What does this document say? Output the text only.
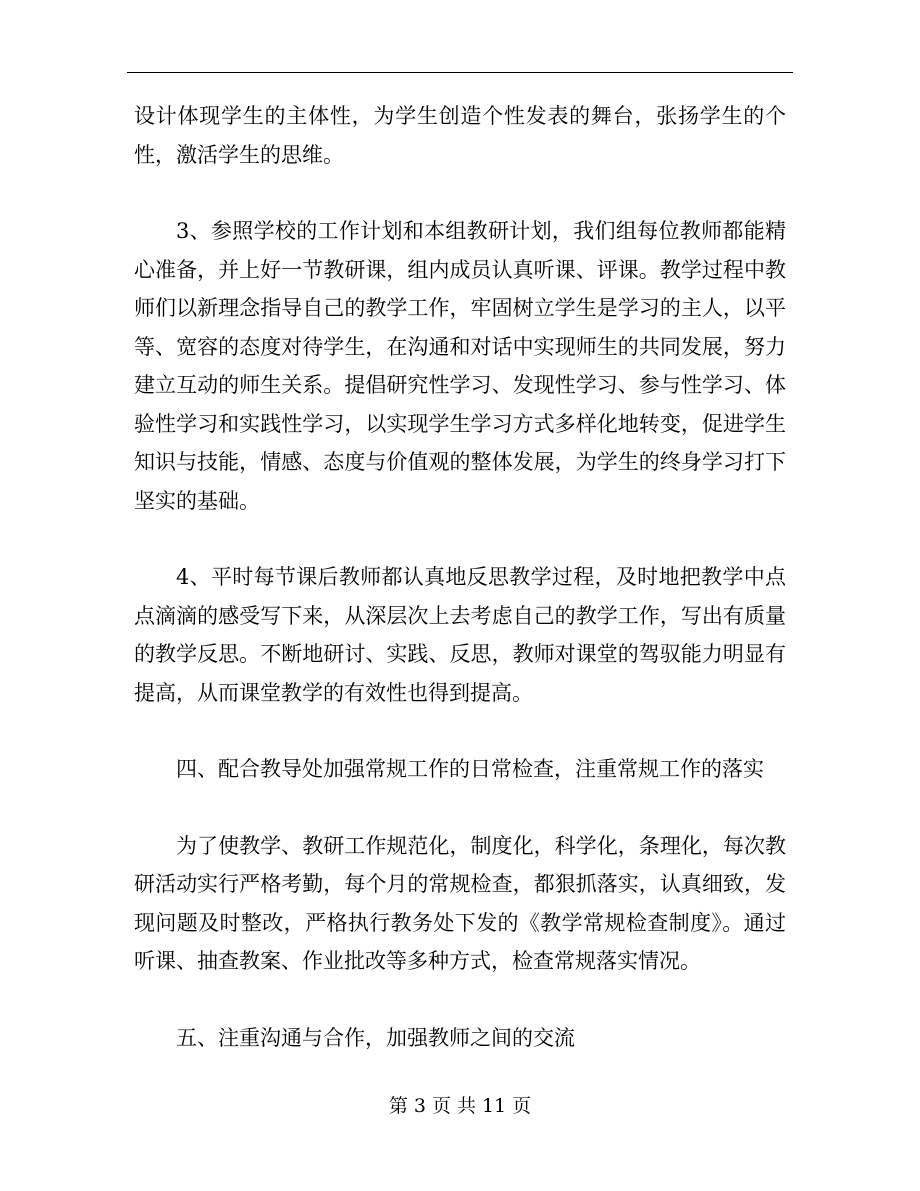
设计体现学生的主体性，为学生创造个性发表的舞台，张扬学生的个性，激活学生的思维。

3、参照学校的工作计划和本组教研计划，我们组每位教师都能精心准备，并上好一节教研课，组内成员认真听课、评课。教学过程中教师们以新理念指导自己的教学工作，牢固树立学生是学习的主人，以平等、宽容的态度对待学生，在沟通和对话中实现师生的共同发展，努力建立互动的师生关系。提倡研究性学习、发现性学习、参与性学习、体验性学习和实践性学习，以实现学生学习方式多样化地转变，促进学生知识与技能，情感、态度与价值观的整体发展，为学生的终身学习打下坚实的基础。

4、平时每节课后教师都认真地反思教学过程，及时地把教学中点点滴滴的感受写下来，从深层次上去考虑自己的教学工作，写出有质量的教学反思。不断地研讨、实践、反思，教师对课堂的驾驭能力明显有提高，从而课堂教学的有效性也得到提高。

四、配合教导处加强常规工作的日常检查，注重常规工作的落实

为了使教学、教研工作规范化，制度化，科学化，条理化，每次教研活动实行严格考勤，每个月的常规检查，都狠抓落实，认真细致，发现问题及时整改，严格执行教务处下发的《教学常规检查制度》。通过听课、抽查教案、作业批改等多种方式，检查常规落实情况。

五、注重沟通与合作，加强教师之间的交流

第 3 页 共 11 页
